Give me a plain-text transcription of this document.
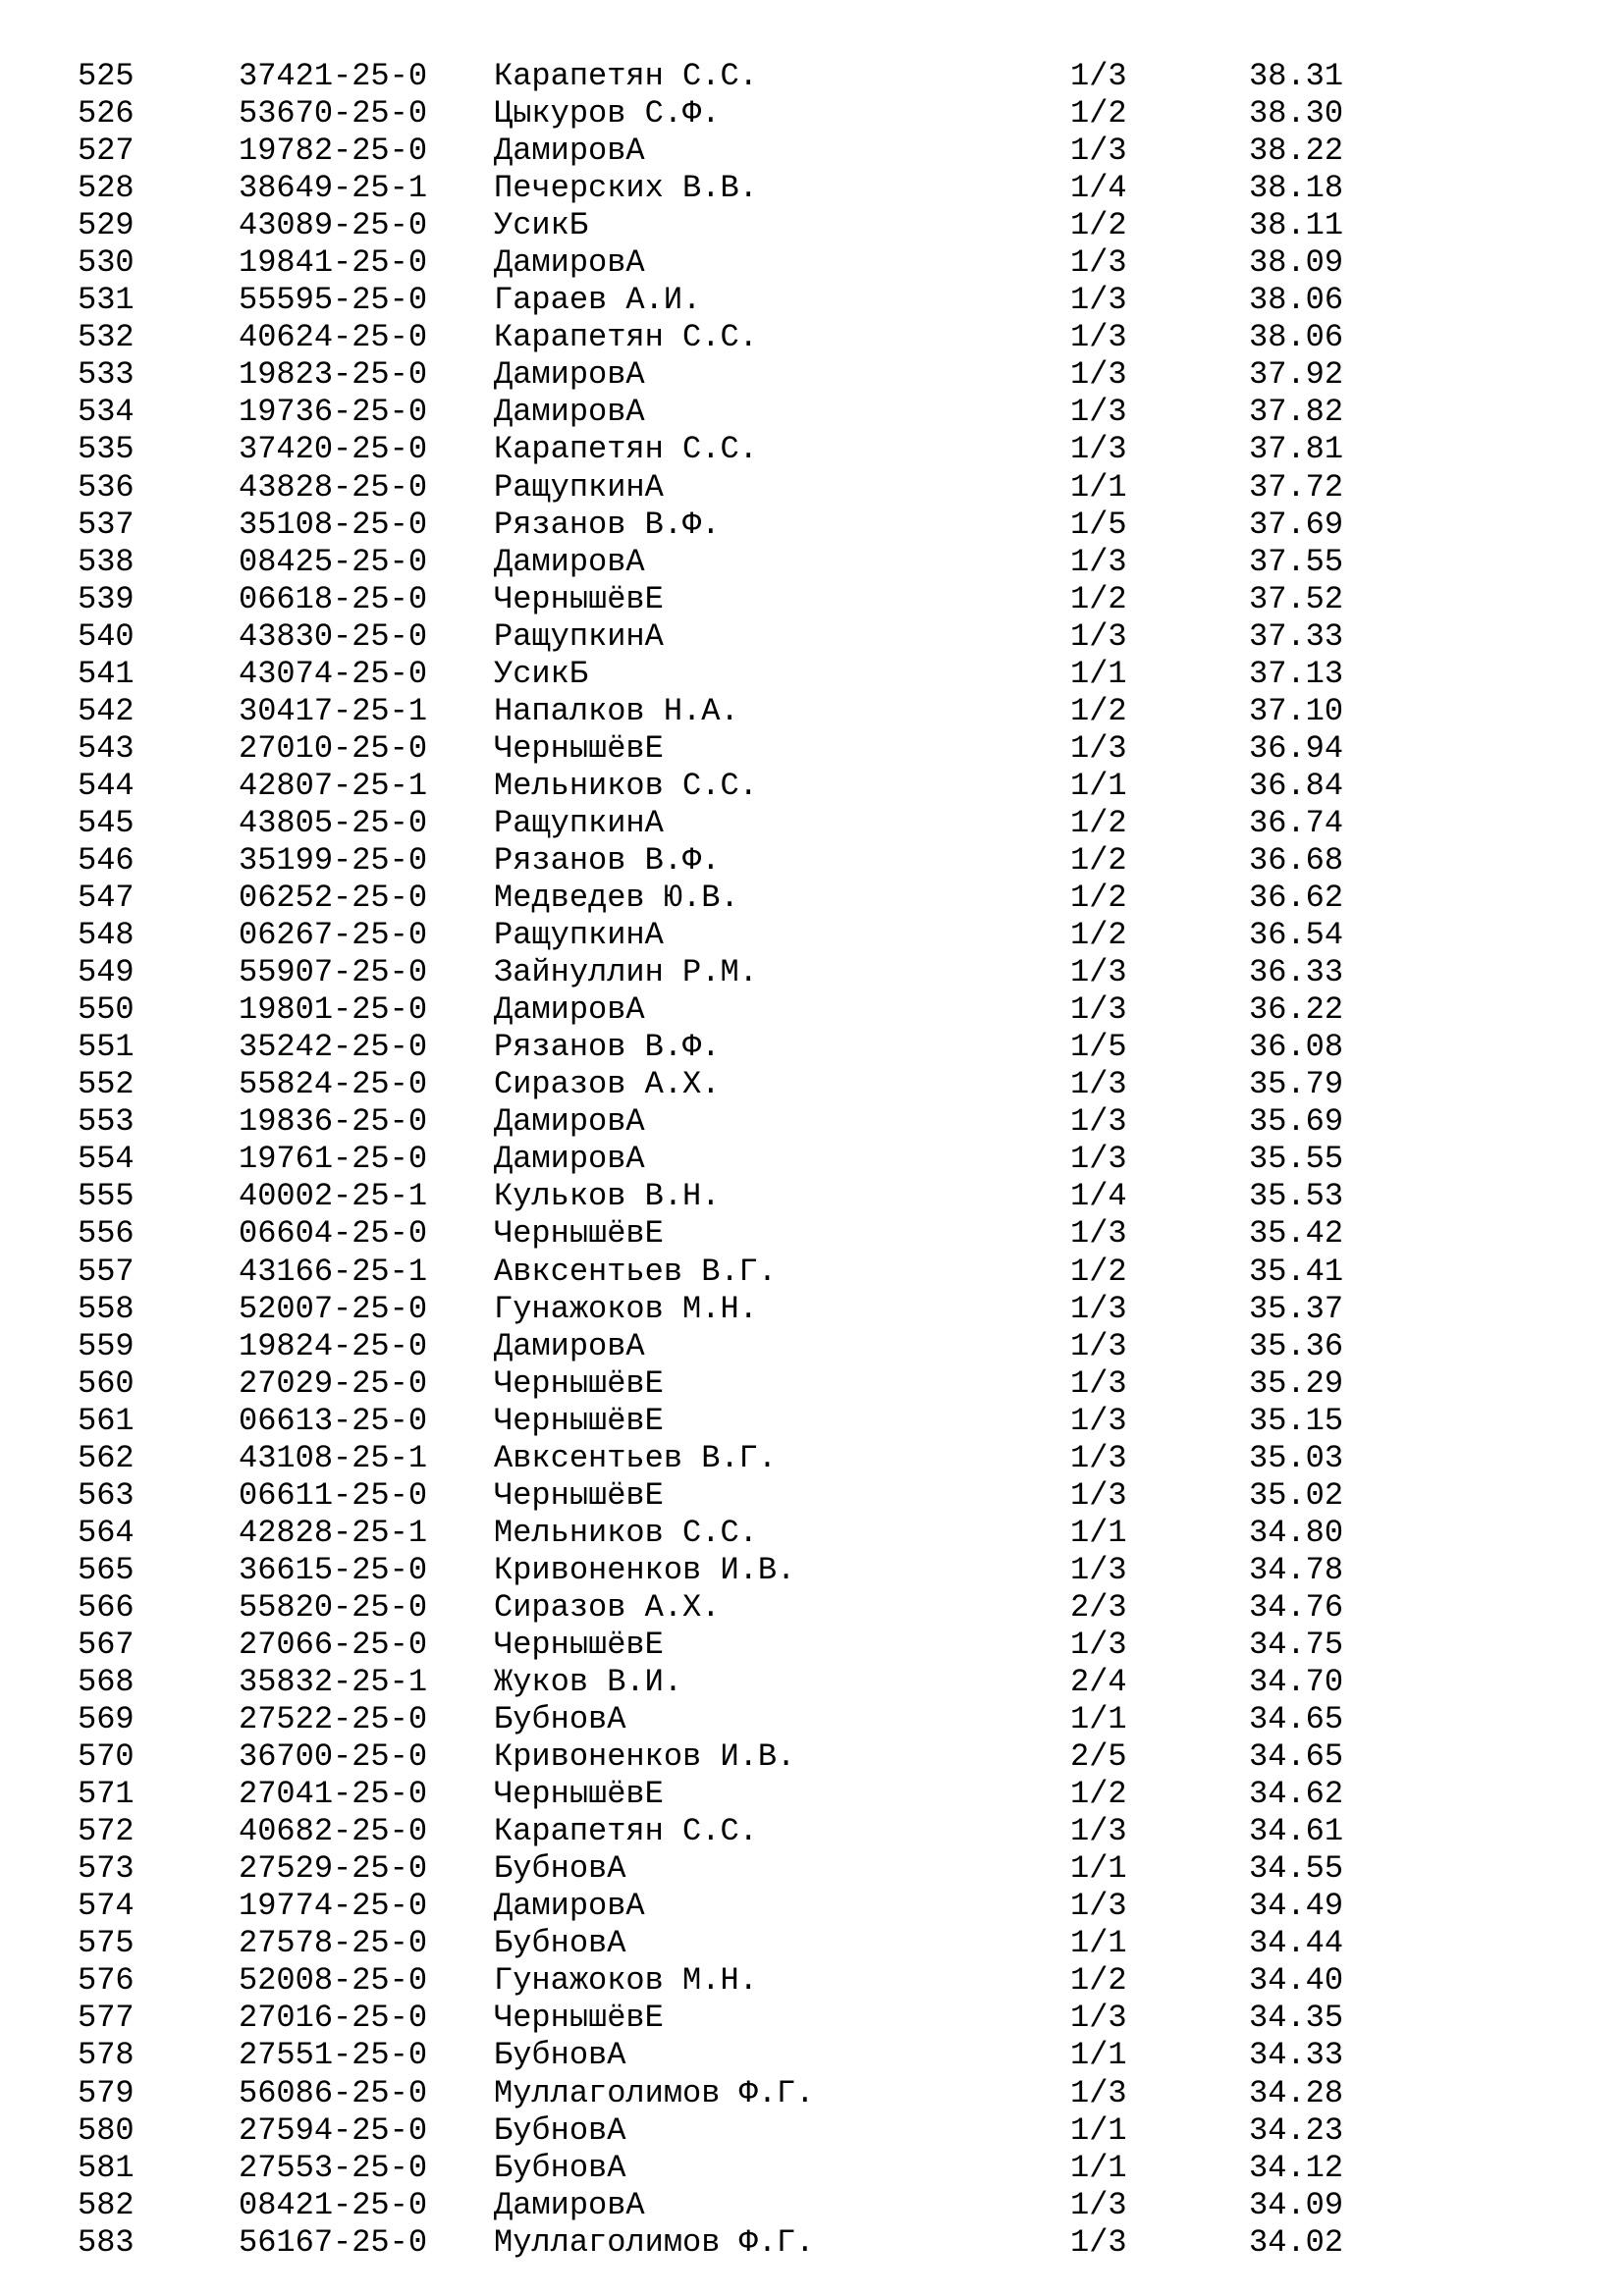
525	37421-25-0 Карапетян С.С.	1/3	38.31
526	53670-25-0 Цыкуров С.Ф.	1/2	38.30
527	19782-25-0 ДамировА	1/3	38.22
528	38649-25-1 Печерских В.В.	1/4	38.18
529	43089-25-0 УсикБ	1/2	38.11
530	19841-25-0 ДамировА	1/3	38.09
531	55595-25-0 Гараев А.И.	1/3	38.06
532	40624-25-0 Карапетян С.С.	1/3	38.06
533	19823-25-0 ДамировА	1/3	37.92
534	19736-25-0 ДамировА	1/3	37.82
535	37420-25-0 Карапетян С.С.	1/3	37.81
536	43828-25-0 РащупкинА	1/1	37.72
537	35108-25-0 Рязанов В.Ф.	1/5	37.69
538	08425-25-0 ДамировА	1/3	37.55
539	06618-25-0 ЧернышёвЕ	1/2	37.52
540	43830-25-0 РащупкинА	1/3	37.33
541	43074-25-0 УсикБ	1/1	37.13
542	30417-25-1 Напалков Н.А.	1/2	37.10
543	27010-25-0 ЧернышёвЕ	1/3	36.94
544	42807-25-1 Мельников С.С.	1/1	36.84
545	43805-25-0 РащупкинА	1/2	36.74
546	35199-25-0 Рязанов В.Ф.	1/2	36.68
547	06252-25-0 Медведев Ю.В.	1/2	36.62
548	06267-25-0 РащупкинА	1/2	36.54
549	55907-25-0 Зайнуллин Р.М.	1/3	36.33
550	19801-25-0 ДамировА	1/3	36.22
551	35242-25-0 Рязанов В.Ф.	1/5	36.08
552	55824-25-0 Сиразов А.Х.	1/3	35.79
553	19836-25-0 ДамировА	1/3	35.69
554	19761-25-0 ДамировА	1/3	35.55
555	40002-25-1 Кульков В.Н.	1/4	35.53
556	06604-25-0 ЧернышёвЕ	1/3	35.42
557	43166-25-1 Авксентьев В.Г.	1/2	35.41
558	52007-25-0 Гунажоков М.Н.	1/3	35.37
559	19824-25-0 ДамировА	1/3	35.36
560	27029-25-0 ЧернышёвЕ	1/3	35.29
561	06613-25-0 ЧернышёвЕ	1/3	35.15
562	43108-25-1 Авксентьев В.Г.	1/3	35.03
563	06611-25-0 ЧернышёвЕ	1/3	35.02
564	42828-25-1 Мельников С.С.	1/1	34.80
565	36615-25-0 Кривоненков И.В.	1/3	34.78
566	55820-25-0 Сиразов А.Х.	2/3	34.76
567	27066-25-0 ЧернышёвЕ	1/3	34.75
568	35832-25-1 Жуков В.И.	2/4	34.70
569	27522-25-0 БубновА	1/1	34.65
570	36700-25-0 Кривоненков И.В.	2/5	34.65
571	27041-25-0 ЧернышёвЕ	1/2	34.62
572	40682-25-0 Карапетян С.С.	1/3	34.61
573	27529-25-0 БубновА	1/1	34.55
574	19774-25-0 ДамировА	1/3	34.49
575	27578-25-0 БубновА	1/1	34.44
576	52008-25-0 Гунажоков М.Н.	1/2	34.40
577	27016-25-0 ЧернышёвЕ	1/3	34.35
578	27551-25-0 БубновА	1/1	34.33
579	56086-25-0 Муллаголимов Ф.Г.	1/3	34.28
580	27594-25-0 БубновА	1/1	34.23
581	27553-25-0 БубновА	1/1	34.12
582	08421-25-0 ДамировА	1/3	34.09
583	56167-25-0 Муллаголимов Ф.Г.	1/3	34.02
